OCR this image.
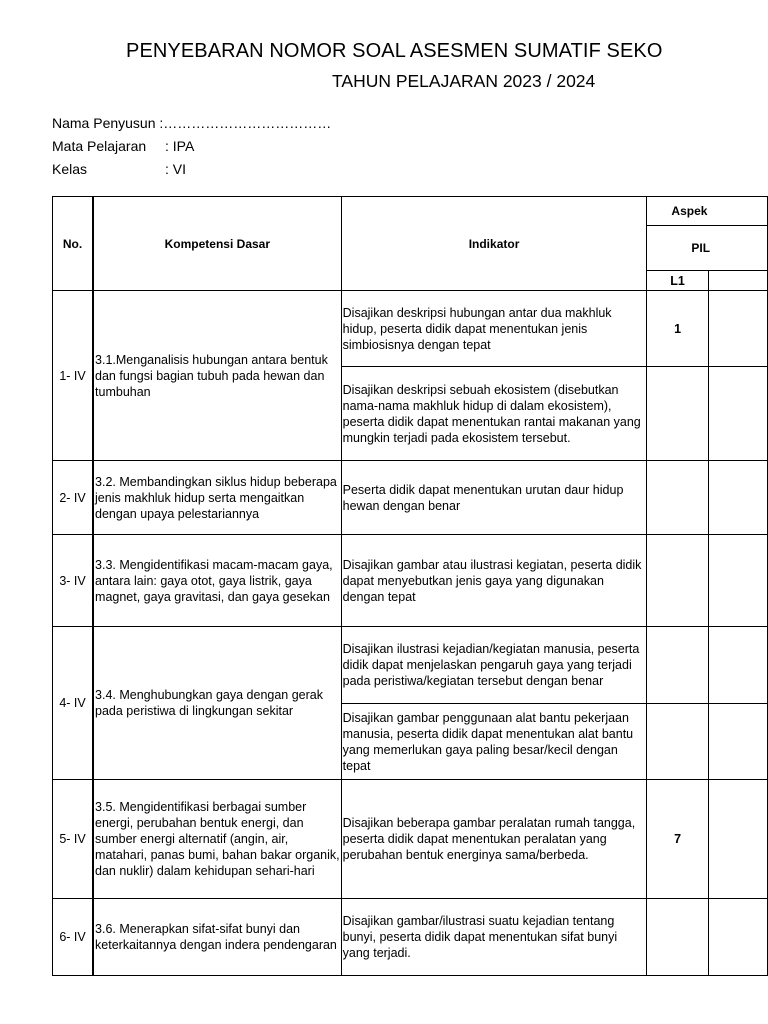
PENYEBARAN NOMOR SOAL ASESMEN SUMATIF SEKO
TAHUN PELAJARAN 2023 / 2024
Nama Penyusun :………………………………
Mata Pelajaran : IPA
Kelas	: VI
No.	Kompetensi Dasar	Indikator	Aspek	
			PIL	
			L1	
1- IV	3.1.Menganalisis hubungan antara bentuk dan fungsi bagian tubuh pada hewan dan tumbuhan	Disajikan deskripsi hubungan antar dua makhluk hidup, peserta didik dapat menentukan jenis simbiosisnya dengan tepat	1	
		Disajikan deskripsi sebuah ekosistem (disebutkan nama-nama makhluk hidup di dalam ekosistem), peserta didik dapat menentukan rantai makanan yang mungkin terjadi pada ekosistem tersebut.		
2- IV	3.2. Membandingkan siklus hidup beberapa jenis makhluk hidup serta mengaitkan dengan upaya pelestariannya	Peserta didik dapat menentukan urutan daur hidup hewan dengan benar		
3- IV	3.3. Mengidentifikasi macam-macam gaya, antara lain: gaya otot, gaya listrik, gaya magnet, gaya gravitasi, dan gaya gesekan	Disajikan gambar atau ilustrasi kegiatan, peserta didik dapat menyebutkan jenis gaya yang digunakan dengan tepat		
4- IV	3.4. Menghubungkan gaya dengan gerak pada peristiwa di lingkungan sekitar	Disajikan ilustrasi kejadian/kegiatan manusia, peserta didik dapat menjelaskan pengaruh gaya yang terjadi pada peristiwa/kegiatan tersebut dengan benar		
		Disajikan gambar penggunaan alat bantu pekerjaan manusia, peserta didik dapat menentukan alat bantu yang memerlukan gaya paling besar/kecil dengan tepat		
5- IV	3.5. Mengidentifikasi berbagai sumber energi, perubahan bentuk energi, dan sumber energi alternatif (angin, air, matahari, panas bumi, bahan bakar organik, dan nuklir) dalam kehidupan sehari-hari	Disajikan beberapa gambar peralatan rumah tangga, peserta didik dapat menentukan peralatan yang perubahan bentuk energinya sama/berbeda.	7	
6- IV	3.6. Menerapkan sifat-sifat bunyi dan keterkaitannya dengan indera pendengaran	Disajikan gambar/ilustrasi suatu kejadian tentang bunyi, peserta didik dapat menentukan sifat bunyi yang terjadi.		
